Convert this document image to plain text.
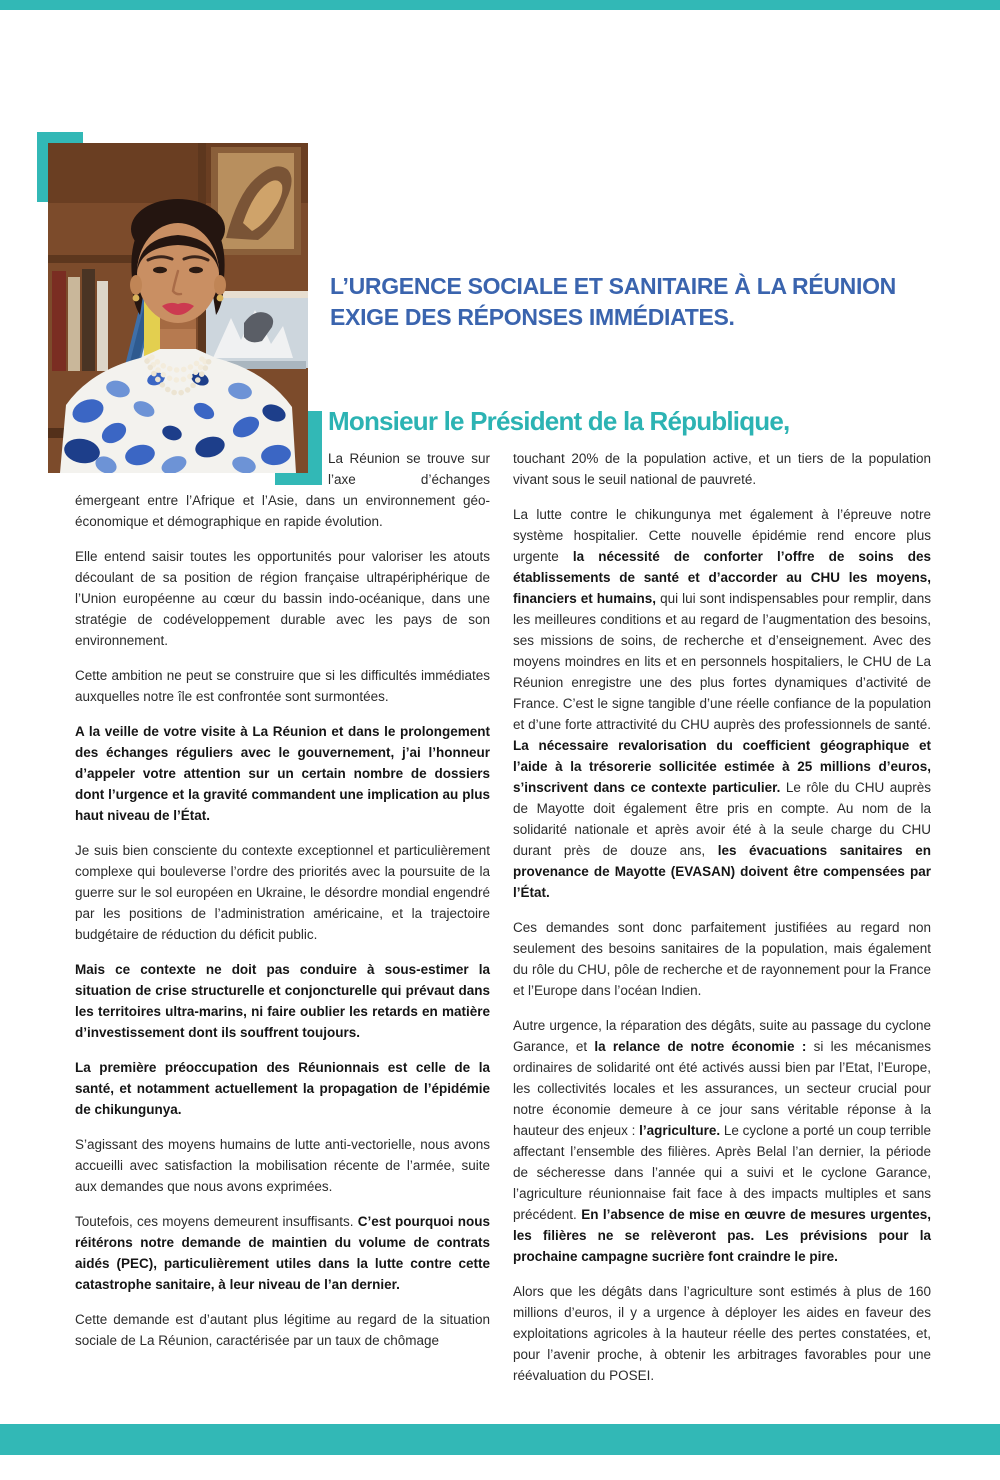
L’URGENCE SOCIALE ET SANITAIRE À LA RÉUNION
EXIGE DES RÉPONSES IMMÉDIATES.
Monsieur le Président de la République,

La Réunion se trouve sur l’axe d’échanges émergeant entre l’Afrique et l’Asie, dans un environnement géo-économique et démographique en rapide évolution.

Elle entend saisir toutes les opportunités pour valoriser les atouts découlant de sa position de région française ultrapériphérique de l’Union européenne au cœur du bassin indo-océanique, dans une stratégie de codéveloppement durable avec les pays de son environnement.

Cette ambition ne peut se construire que si les difficultés immédiates auxquelles notre île est confrontée sont surmontées.

A la veille de votre visite à La Réunion et dans le prolongement des échanges réguliers avec le gouvernement, j’ai l’honneur d’appeler votre attention sur un certain nombre de dossiers dont l’urgence et la gravité commandent une implication au plus haut niveau de l’État.

Je suis bien consciente du contexte exceptionnel et particulièrement complexe qui bouleverse l’ordre des priorités avec la poursuite de la guerre sur le sol européen en Ukraine, le désordre mondial engendré par les positions de l’administration américaine, et la trajectoire budgétaire de réduction du déficit public.

Mais ce contexte ne doit pas conduire à sous-estimer la situation de crise structurelle et conjoncturelle qui prévaut dans les territoires ultra-marins, ni faire oublier les retards en matière d’investissement dont ils souffrent toujours.

La première préoccupation des Réunionnais est celle de la santé, et notamment actuellement la propagation de l’épidémie de chikungunya.

S’agissant des moyens humains de lutte anti-vectorielle, nous avons accueilli avec satisfaction la mobilisation récente de l’armée, suite aux demandes que nous avons exprimées.

Toutefois, ces moyens demeurent insuffisants. C’est pourquoi nous réitérons notre demande de maintien du volume de contrats aidés (PEC), particulièrement utiles dans la lutte contre cette catastrophe sanitaire, à leur niveau de l’an dernier.

Cette demande est d’autant plus légitime au regard de la situation sociale de La Réunion, caractérisée par un taux de chômage

touchant 20% de la population active, et un tiers de la population vivant sous le seuil national de pauvreté.

La lutte contre le chikungunya met également à l’épreuve notre système hospitalier. Cette nouvelle épidémie rend encore plus urgente la nécessité de conforter l’offre de soins des établissements de santé et d’accorder au CHU les moyens, financiers et humains, qui lui sont indispensables pour remplir, dans les meilleures conditions et au regard de l’augmentation des besoins, ses missions de soins, de recherche et d’enseignement. Avec des moyens moindres en lits et en personnels hospitaliers, le CHU de La Réunion enregistre une des plus fortes dynamiques d’activité de France. C’est le signe tangible d’une réelle confiance de la population et d’une forte attractivité du CHU auprès des professionnels de santé. La nécessaire revalorisation du coefficient géographique et l’aide à la trésorerie sollicitée estimée à 25 millions d’euros, s’inscrivent dans ce contexte particulier. Le rôle du CHU auprès de Mayotte doit également être pris en compte. Au nom de la solidarité nationale et après avoir été à la seule charge du CHU durant près de douze ans, les évacuations sanitaires en provenance de Mayotte (EVASAN) doivent être compensées par l’État.

Ces demandes sont donc parfaitement justifiées au regard non seulement des besoins sanitaires de la population, mais également du rôle du CHU, pôle de recherche et de rayonnement pour la France et l’Europe dans l’océan Indien.

Autre urgence, la réparation des dégâts, suite au passage du cyclone Garance, et la relance de notre économie : si les mécanismes ordinaires de solidarité ont été activés aussi bien par l’Etat, l’Europe, les collectivités locales et les assurances, un secteur crucial pour notre économie demeure à ce jour sans véritable réponse à la hauteur des enjeux : l’agriculture. Le cyclone a porté un coup terrible affectant l’ensemble des filières. Après Belal l’an dernier, la période de sécheresse dans l’année qui a suivi et le cyclone Garance, l’agriculture réunionnaise fait face à des impacts multiples et sans précédent. En l’absence de mise en œuvre de mesures urgentes, les filières ne se relèveront pas. Les prévisions pour la prochaine campagne sucrière font craindre le pire.

Alors que les dégâts dans l’agriculture sont estimés à plus de 160 millions d’euros, il y a urgence à déployer les aides en faveur des exploitations agricoles à la hauteur réelle des pertes constatées, et, pour l’avenir proche, à obtenir les arbitrages favorables pour une réévaluation du POSEI.
